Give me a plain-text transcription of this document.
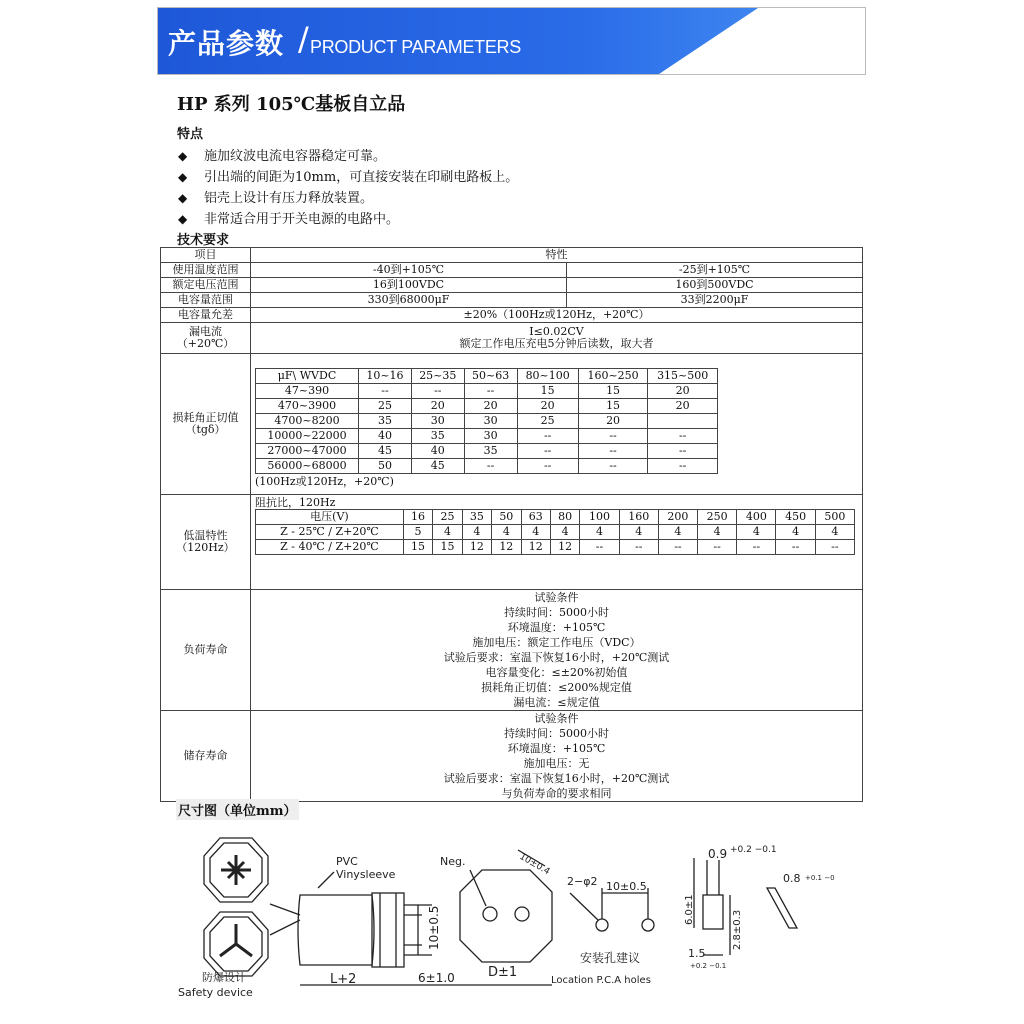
产品参数 / PRODUCT PARAMETERS
HP 系列 105℃基板自立品
特点
◆ 施加纹波电流电容器稳定可靠。
◆ 引出端的间距为10mm，可直接安装在印刷电路板上。
◆ 铝壳上设计有压力释放装置。
◆ 非常适合用于开关电源的电路中。
技术要求
项目	特性
使用温度范围	-40到+105℃	-25到+105℃
额定电压范围	16到100VDC	160到500VDC
电容量范围	330到68000μF	33到2200μF
电容量允差	±20%（100Hz或120Hz，+20℃）

漏电流
（+20℃）

I≤0.02CV
额定工作电压充电5分钟后读数，取大者

损耗角正切值
（tgδ）

μF\ WVDC	10~16	25~35	50~63	80~100	160~250	315~500
47~390	--	--	--	15	15	20
470~3900	25	20	20	20	15	20
4700~8200	35	30	30	25	20	
10000~22000	40	35	30	--	--	--
27000~47000	45	40	35	--	--	--
56000~68000	50	45	--	--	--	--
(100Hz或120Hz，+20℃)

低温特性
（120Hz）

阻抗比，120Hz
电压(V)	16	25	35	50	63	80	100	160	200	250	400	450	500
Z - 25℃ / Z+20℃	5	4	4	4	4	4	4	4	4	4	4	4	4
Z - 40℃ / Z+20℃	15	15	12	12	12	12	--	--	--	--	--	--	--

负荷寿命	
试验条件
持续时间：5000小时
环境温度：+105℃
施加电压：额定工作电压（VDC）
试验后要求：室温下恢复16小时，+20℃测试
电容量变化：≤±20%初始值
损耗角正切值：≤200%规定值
漏电流：≤规定值

储存寿命	
试验条件
持续时间：5000小时
环境温度：+105℃
施加电压：无
试验后要求：室温下恢复16小时，+20℃测试
与负荷寿命的要求相同
尺寸图（单位mm）
PVC
Vinysleeve
Neg.
L+2	6±1.0	D±1
10±0.5
10±0.4
2−φ2 10±0.5
防爆设计
Safety device
安装孔建议
Location P.C.A holes
0.9 +0.2 −0.1
6.0±1
2.8±0.3
1.5
+0.2 −0.1
0.8 +0.1 −0
